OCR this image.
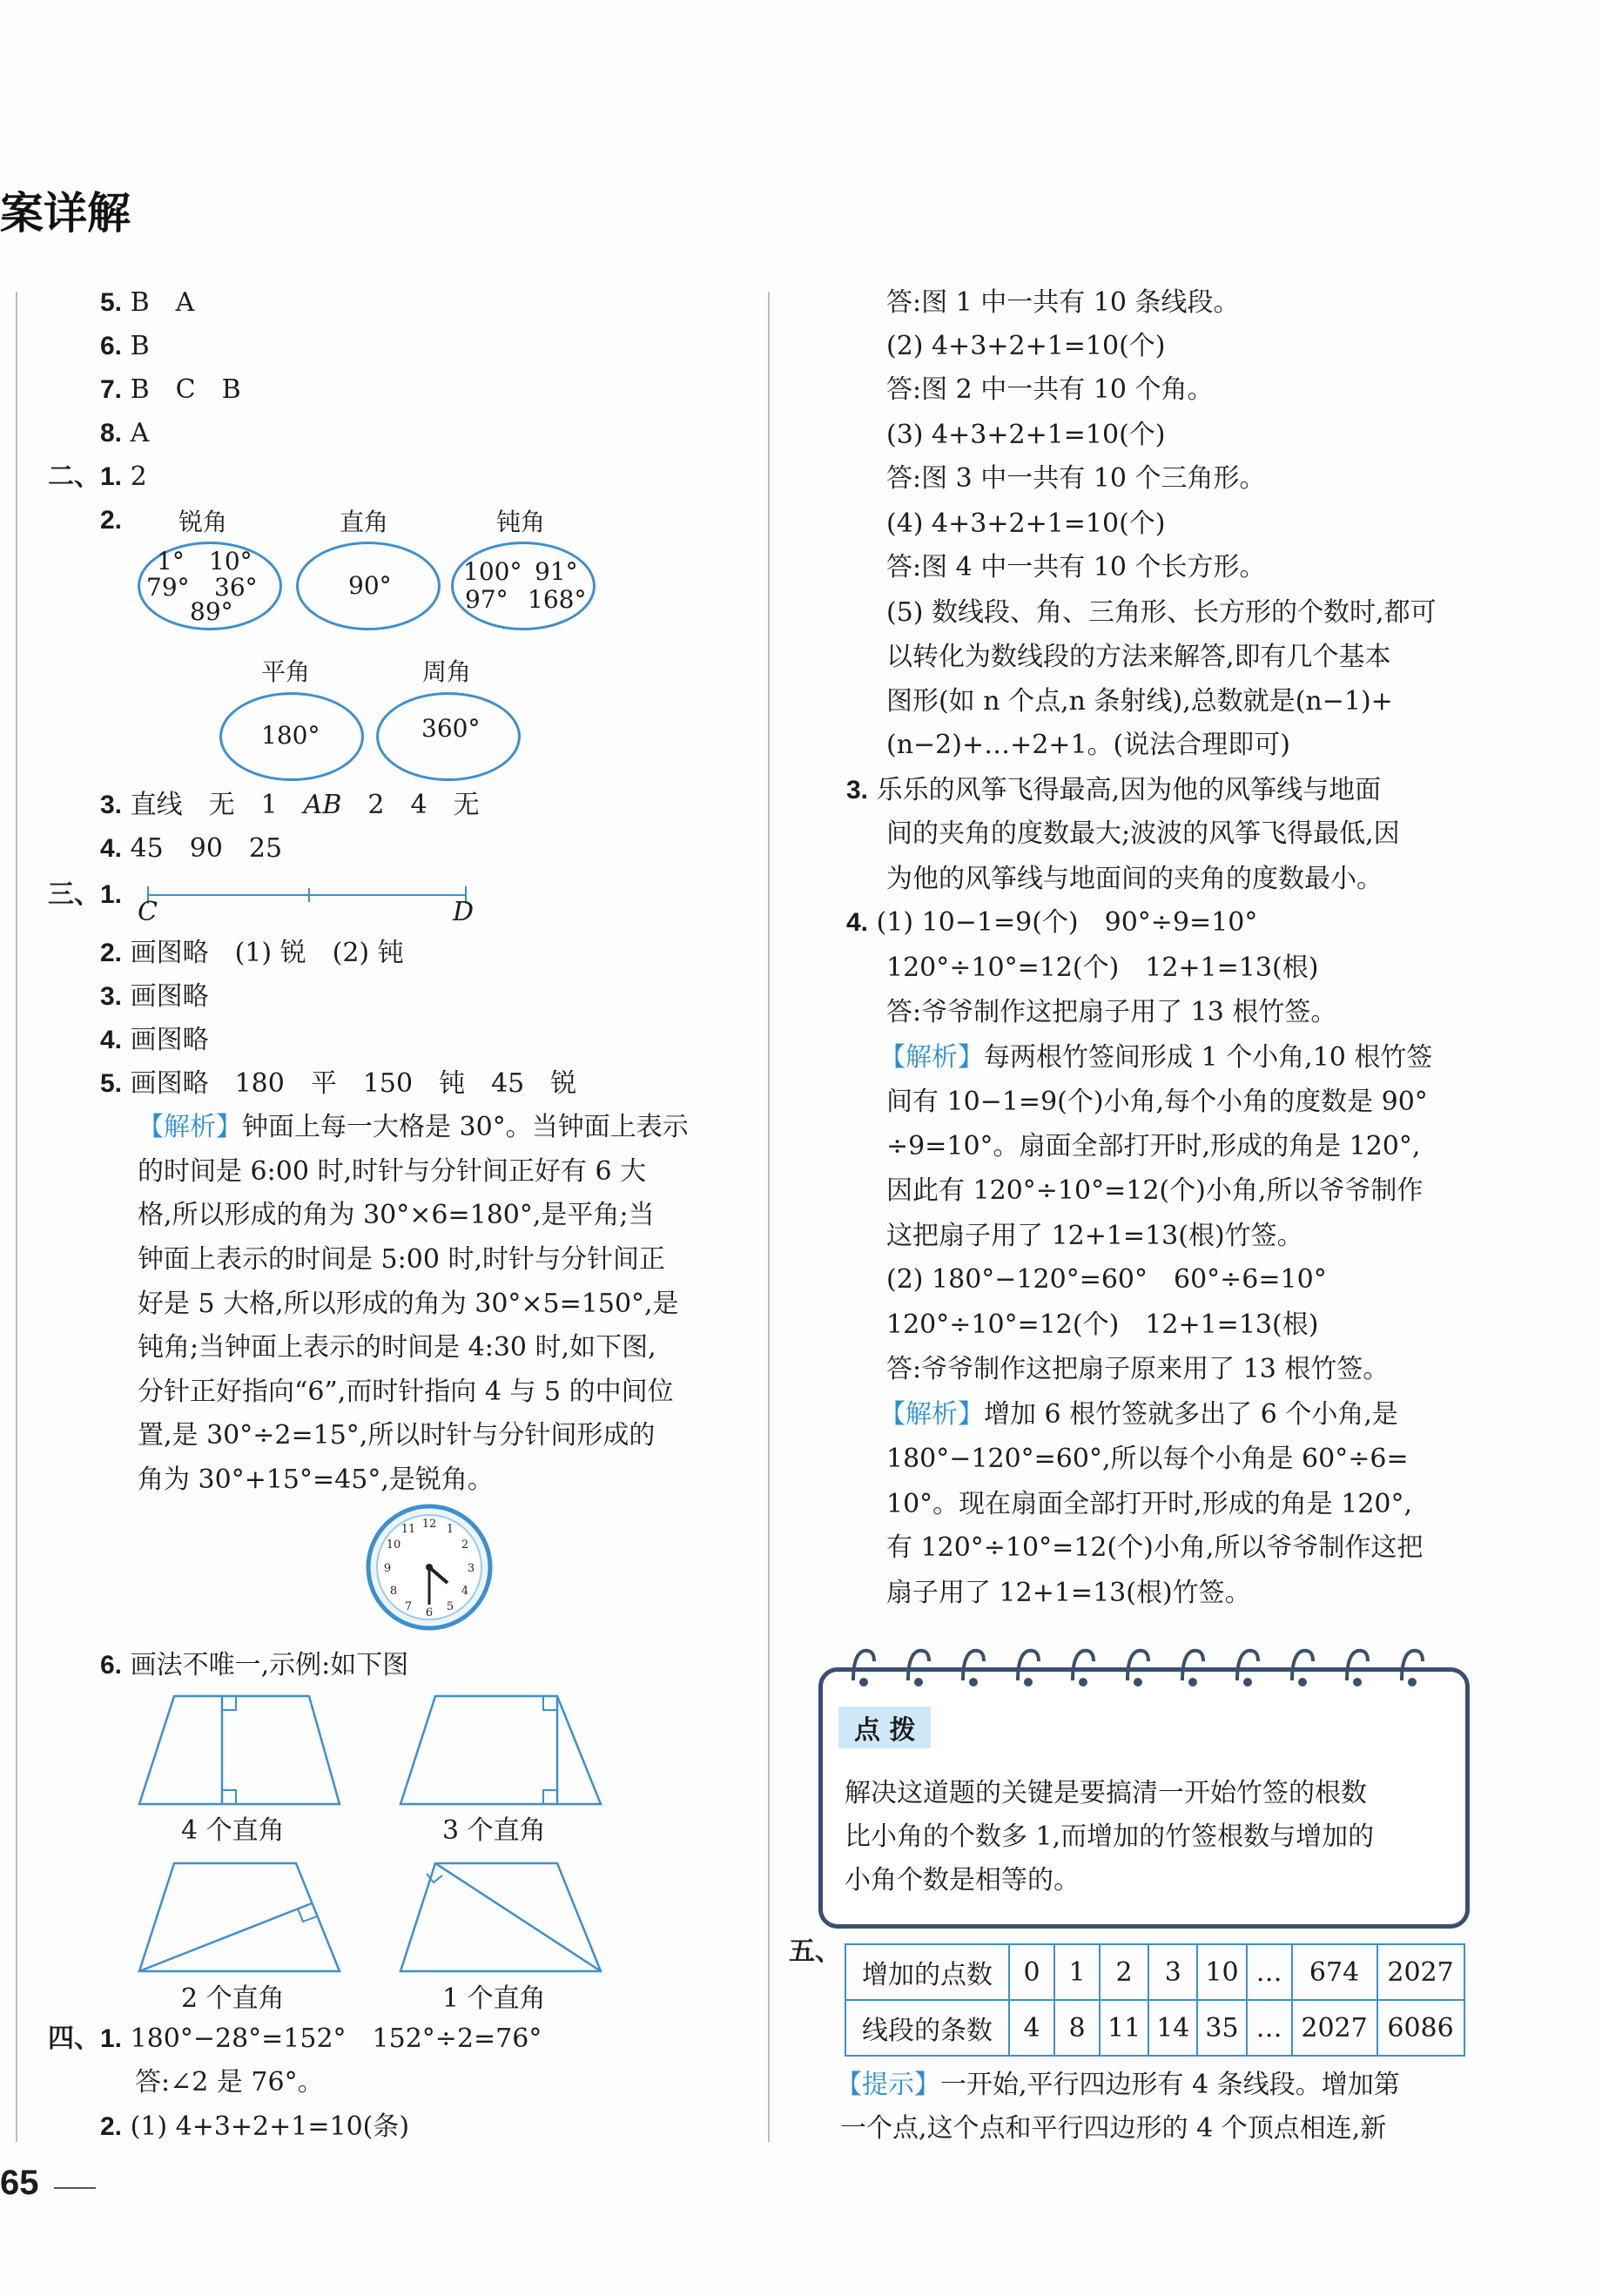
案详解
5. B　A
6. B
7. B　C　B
8. A
二、1. 2
2. 锐角	直角	钝角
1° 10°
79° 36°
89°
90°	100° 91°
97° 168°
平角	周角
180°	360°
3. 直线　无　1　AB　2　4　无
4. 45　90　25
三、1.
C	D
2. 画图略　(1) 锐　(2) 钝
3. 画图略
4. 画图略
5. 画图略　180　平　150　钝　45　锐
【解析】钟面上每一大格是 30°。当钟面上表示
的时间是 6:00 时,时针与分针间正好有 6 大
格,所以形成的角为 30°×6=180°,是平角;当
钟面上表示的时间是 5:00 时,时针与分针间正
好是 5 大格,所以形成的角为 30°×5=150°,是
钝角;当钟面上表示的时间是 4:30 时,如下图,
分针正好指向“6”,而时针指向 4 与 5 的中间位
置,是 30°÷2=15°,所以时针与分针间形成的
角为 30°+15°=45°,是锐角。
12 1
2
3
4
5
6
7
8
9
10
11
6. 画法不唯一,示例:如下图
4 个直角	3 个直角
2 个直角	1 个直角
四、1. 180°−28°=152°　152°÷2=76°
答:∠2 是 76°。
2. (1) 4+3+2+1=10(条)
65
答:图 1 中一共有 10 条线段。
(2) 4+3+2+1=10(个)
答:图 2 中一共有 10 个角。
(3) 4+3+2+1=10(个)
答:图 3 中一共有 10 个三角形。
(4) 4+3+2+1=10(个)
答:图 4 中一共有 10 个长方形。
(5) 数线段、角、三角形、长方形的个数时,都可
以转化为数线段的方法来解答,即有几个基本
图形(如 n 个点,n 条射线),总数就是(n−1)+
(n−2)+…+2+1。(说法合理即可)
3. 乐乐的风筝飞得最高,因为他的风筝线与地面
间的夹角的度数最大;波波的风筝飞得最低,因
为他的风筝线与地面间的夹角的度数最小。
4. (1) 10−1=9(个)　90°÷9=10°
120°÷10°=12(个)　12+1=13(根)
答:爷爷制作这把扇子用了 13 根竹签。
【解析】每两根竹签间形成 1 个小角,10 根竹签
间有 10−1=9(个)小角,每个小角的度数是 90°
÷9=10°。扇面全部打开时,形成的角是 120°,
因此有 120°÷10°=12(个)小角,所以爷爷制作
这把扇子用了 12+1=13(根)竹签。
(2) 180°−120°=60°　60°÷6=10°
120°÷10°=12(个)　12+1=13(根)
答:爷爷制作这把扇子原来用了 13 根竹签。
【解析】增加 6 根竹签就多出了 6 个小角,是
180°−120°=60°,所以每个小角是 60°÷6=
10°。现在扇面全部打开时,形成的角是 120°,
有 120°÷10°=12(个)小角,所以爷爷制作这把
扇子用了 12+1=13(根)竹签。
点 拨
解决这道题的关键是要搞清一开始竹签的根数
比小角的个数多 1,而增加的竹签根数与增加的
小角个数是相等的。
五、
增加的点数	0	1	2	3	10	…	674	2027
线段的条数	4	8	11	14	35	…	2027	6086
【提示】一开始,平行四边形有 4 条线段。增加第
一个点,这个点和平行四边形的 4 个顶点相连,新
